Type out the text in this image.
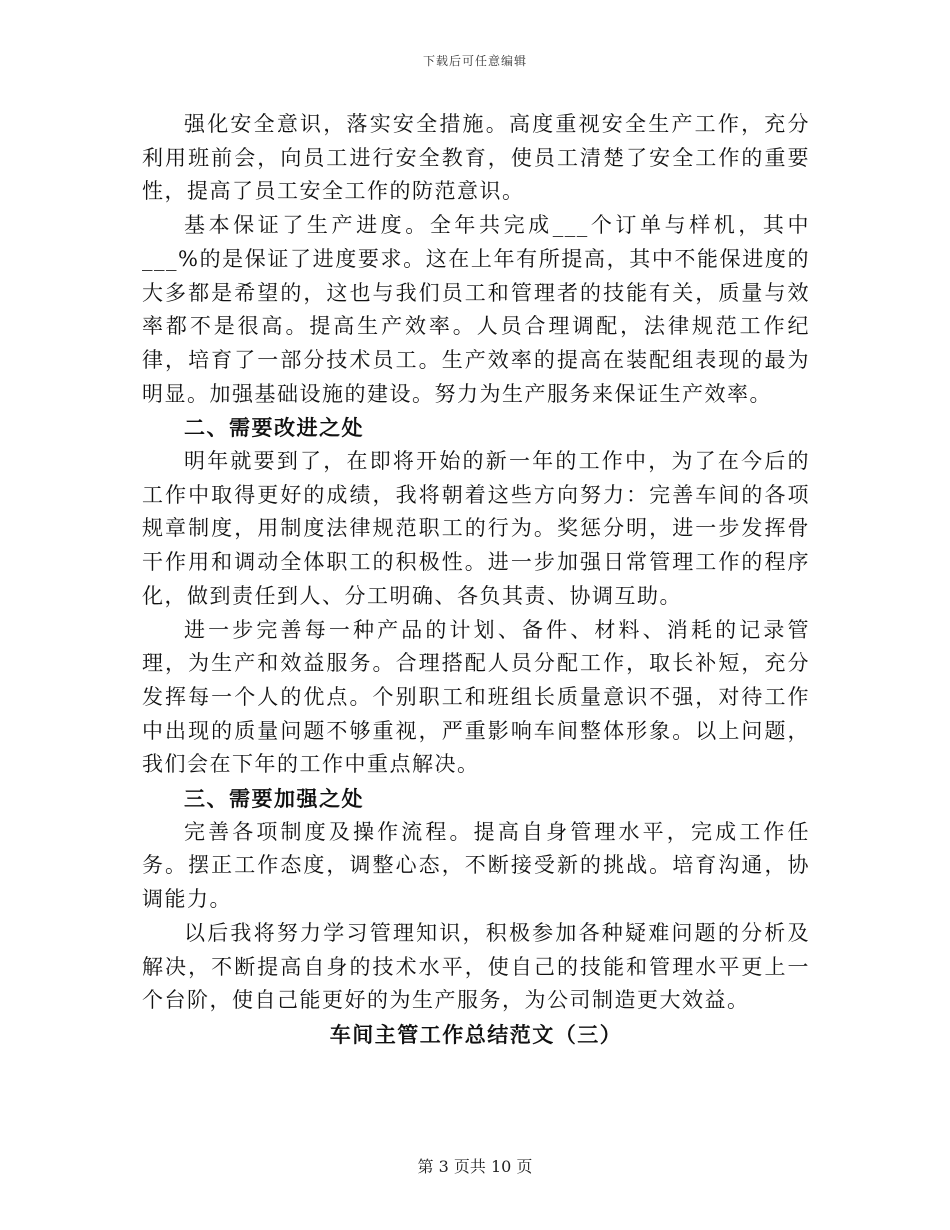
下载后可任意编辑

强化安全意识，落实安全措施。高度重视安全生产工作，充分利用班前会，向员工进行安全教育，使员工清楚了安全工作的重要性，提高了员工安全工作的防范意识。

基本保证了生产进度。全年共完成___个订单与样机，其中___%的是保证了进度要求。这在上年有所提高，其中不能保进度的大多都是希望的，这也与我们员工和管理者的技能有关，质量与效率都不是很高。提高生产效率。人员合理调配，法律规范工作纪律，培育了一部分技术员工。生产效率的提高在装配组表现的最为明显。加强基础设施的建设。努力为生产服务来保证生产效率。

二、需要改进之处

明年就要到了，在即将开始的新一年的工作中，为了在今后的工作中取得更好的成绩，我将朝着这些方向努力：完善车间的各项规章制度，用制度法律规范职工的行为。奖惩分明，进一步发挥骨干作用和调动全体职工的积极性。进一步加强日常管理工作的程序化，做到责任到人、分工明确、各负其责、协调互助。

进一步完善每一种产品的计划、备件、材料、消耗的记录管理，为生产和效益服务。合理搭配人员分配工作，取长补短，充分发挥每一个人的优点。个别职工和班组长质量意识不强，对待工作中出现的质量问题不够重视，严重影响车间整体形象。以上问题，我们会在下年的工作中重点解决。

三、需要加强之处

完善各项制度及操作流程。提高自身管理水平，完成工作任务。摆正工作态度，调整心态，不断接受新的挑战。培育沟通，协调能力。

以后我将努力学习管理知识，积极参加各种疑难问题的分析及解决，不断提高自身的技术水平，使自己的技能和管理水平更上一个台阶，使自己能更好的为生产服务，为公司制造更大效益。

车间主管工作总结范文（三）

第 3 页共 10 页
